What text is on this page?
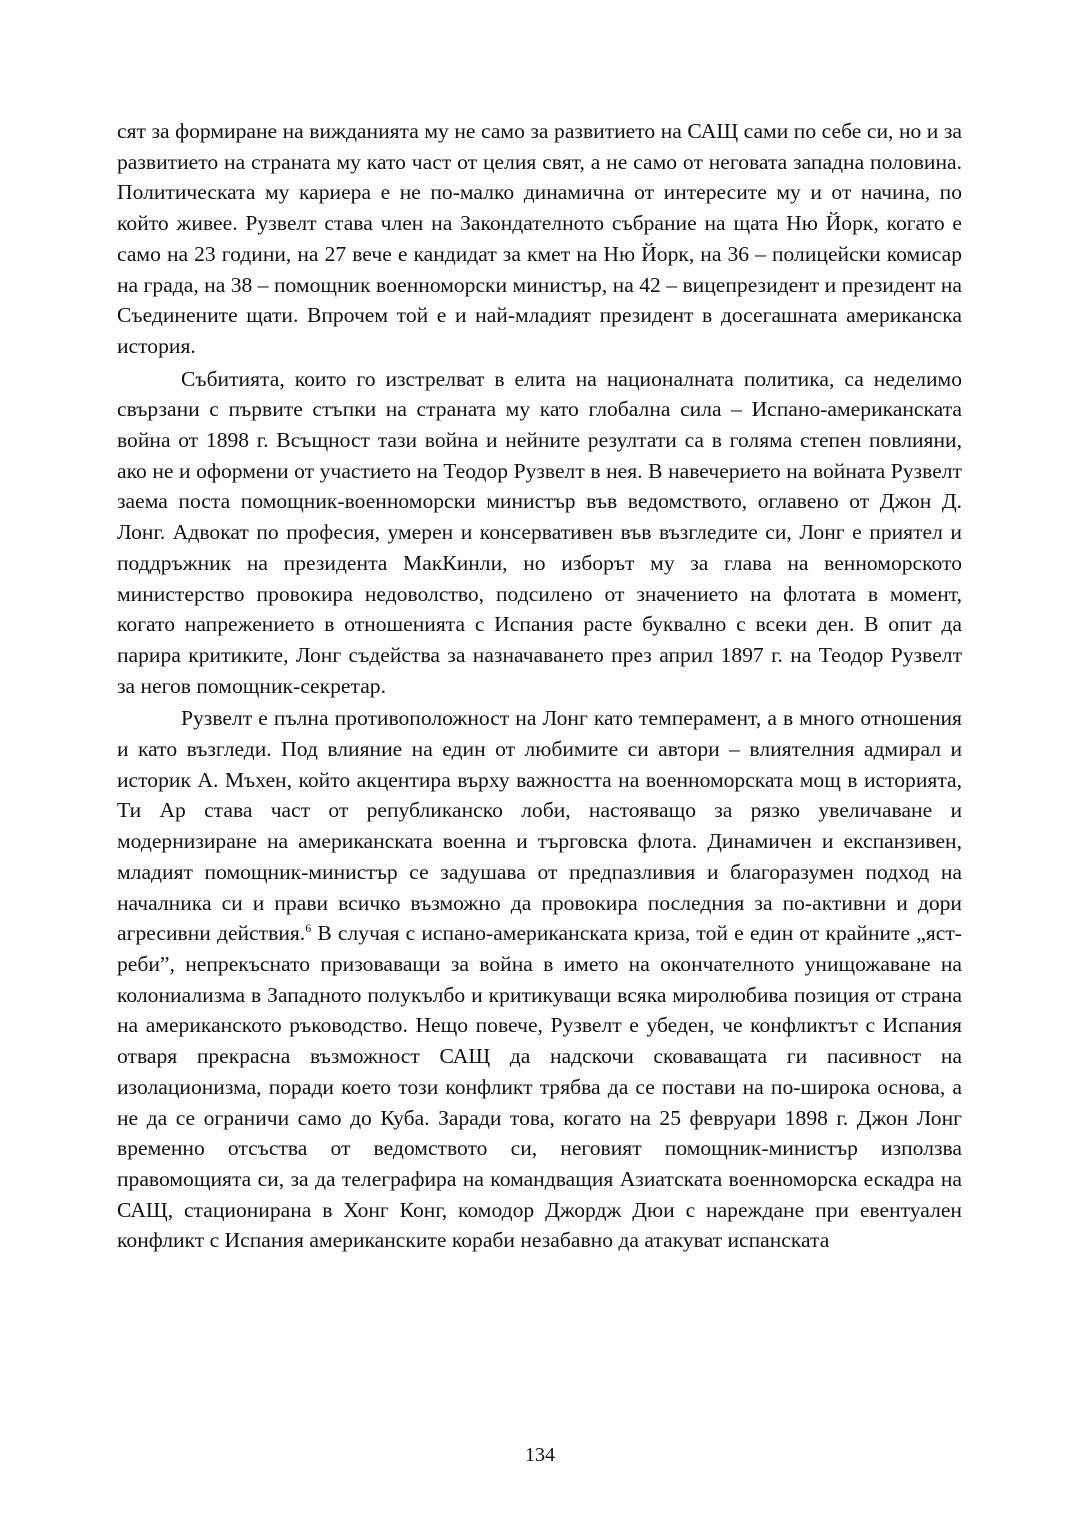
сят за формиране на вижданията му не само за развитието на САЩ сами по себе си, но и за развитието на страната му като част от целия свят, а не само от неговата западна половина. Политическата му кариера е не по-малко динамична от интересите му и от начина, по който живее. Рузвелт става член на Закондателното събрание на щата Ню Йорк, когато е само на 23 години, на 27 вече е кандидат за кмет на Ню Йорк, на 36 – полицейски комисар на града, на 38 – помощник военноморски министър, на 42 – вицепрезидент и президент на Съединените щати. Впрочем той е и най-младият президент в досегашната американска история.

Събитията, които го изстрелват в елита на националната политика, са неделимо свързани с първите стъпки на страната му като глобална сила – Испано-американската война от 1898 г. Всъщност тази война и нейните резултати са в голяма степен повлияни, ако не и оформени от участието на Теодор Рузвелт в нея. В навечерието на войната Рузвелт заема поста помощник-военноморски министър във ведомството, оглавено от Джон Д. Лонг. Адвокат по професия, умерен и консервативен във възгледите си, Лонг е приятел и поддръжник на президента МакКинли, но изборът му за глава на венноморското министерство провокира недоволство, подсилено от значението на флотата в момент, когато напрежението в отношенията с Испания расте буквално с всеки ден. В опит да парира критиките, Лонг съдейства за назначаването през април 1897 г. на Теодор Рузвелт за негов помощник-секретар.

Рузвелт е пълна противоположност на Лонг като темперамент, а в много отношения и като възгледи. Под влияние на един от любимите си автори – влиятелния адмирал и историк А. Мъхен, който акцентира върху важността на военноморската мощ в историята, Ти Ар става част от републиканско лоби, настояващо за рязко увеличаване и модернизиране на американската военна и търговска флота. Динамичен и експанзивен, младият помощник-министър се задушава от предпазливия и благоразумен подход на началника си и прави всичко възможно да провокира последния за по-активни и дори агресивни действия.$^6$ В случая с испано-американската криза, той е един от крайните „ястреби”, непрекъснато призоваващи за война в името на окончателното унищожаване на колониализма в Западното полукълбо и критикуващи всяка миролюбива позиция от страна на американското ръководство. Нещо повече, Рузвелт е убеден, че конфликтът с Испания отваря прекрасна възможност САЩ да надскочи сковаващата ги пасивност на изолационизма, поради което този конфликт трябва да се постави на по-широка основа, а не да се ограничи само до Куба. Заради това, когато на 25 февруари 1898 г. Джон Лонг временно отсъства от ведомството си, неговият помощник-министър използва правомощията си, за да телеграфира на командващия Азиатската военноморска ескадра на САЩ, стационирана в Хонг Конг, комодор Джордж Дюи с нареждане при евентуален конфликт с Испания американските кораби незабавно да атакуват испанската

134
